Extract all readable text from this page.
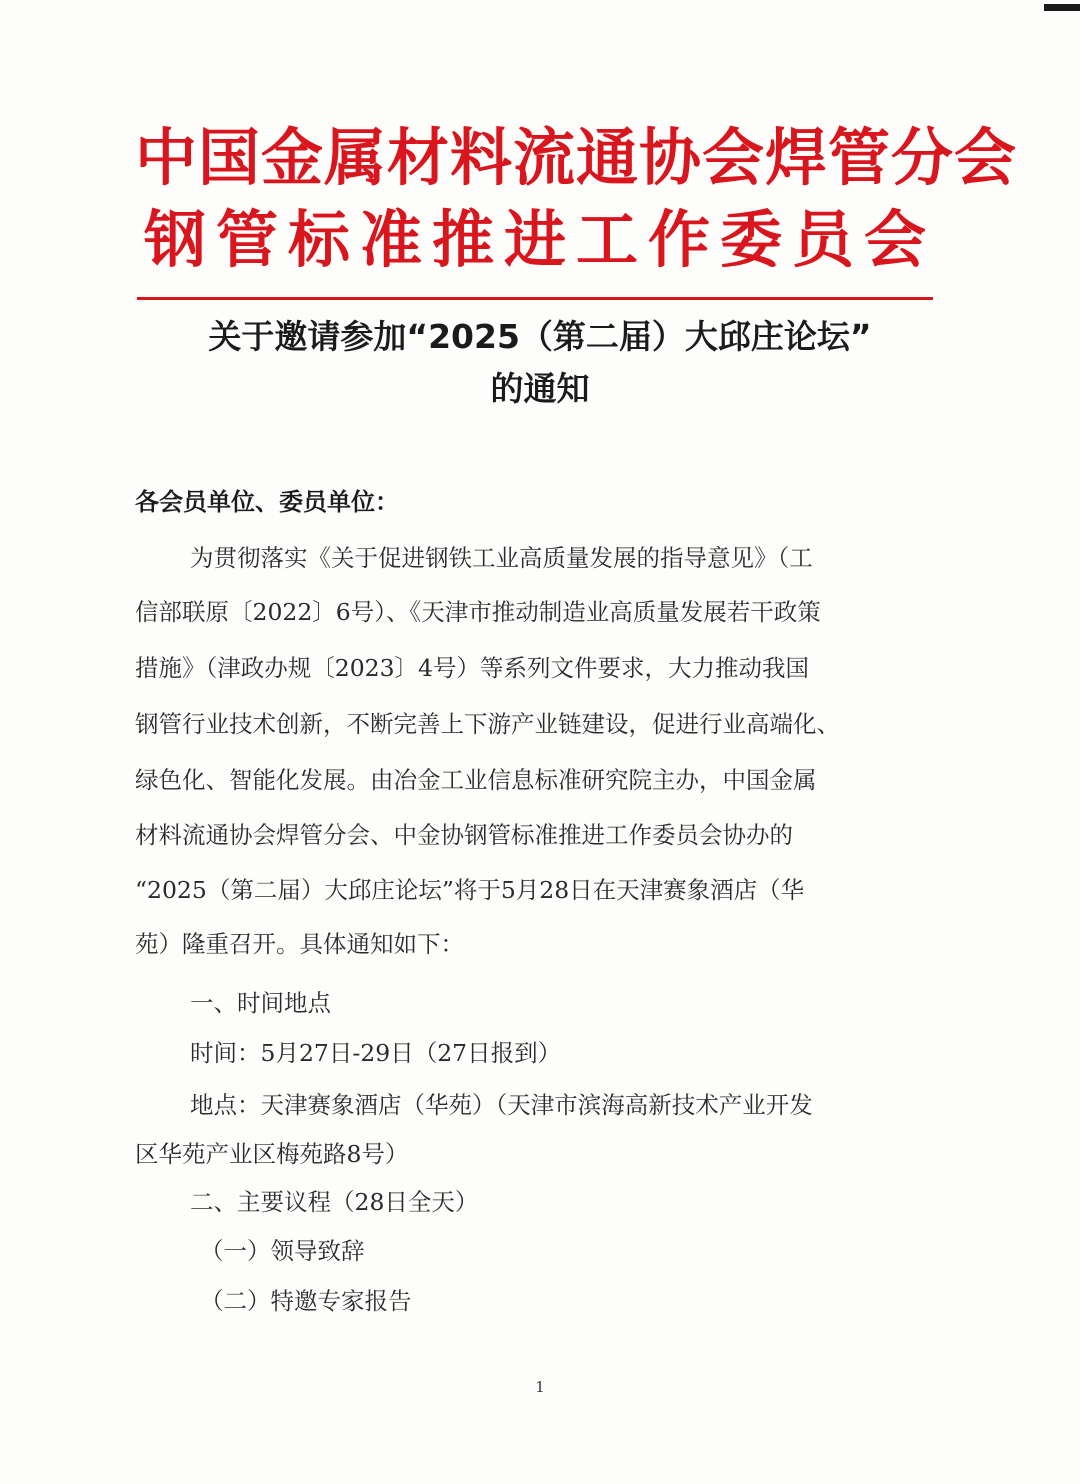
中国金属材料流通协会焊管分会
钢管标准推进工作委员会
关于邀请参加“2025（第二届）大邱庄论坛”
的通知
各会员单位、委员单位：
为贯彻落实《关于促进钢铁工业高质量发展的指导意见》（工
信部联原〔2022〕6号）、《天津市推动制造业高质量发展若干政策
措施》（津政办规〔2023〕4号）等系列文件要求，大力推动我国
钢管行业技术创新，不断完善上下游产业链建设，促进行业高端化、
绿色化、智能化发展。由冶金工业信息标准研究院主办，中国金属
材料流通协会焊管分会、中金协钢管标准推进工作委员会协办的
“2025（第二届）大邱庄论坛”将于5月28日在天津赛象酒店（华
苑）隆重召开。具体通知如下：
一、时间地点
时间：5月27日-29日（27日报到）
地点：天津赛象酒店（华苑）（天津市滨海高新技术产业开发
区华苑产业区梅苑路8号）
二、主要议程（28日全天）
（一）领导致辞
（二）特邀专家报告
1
